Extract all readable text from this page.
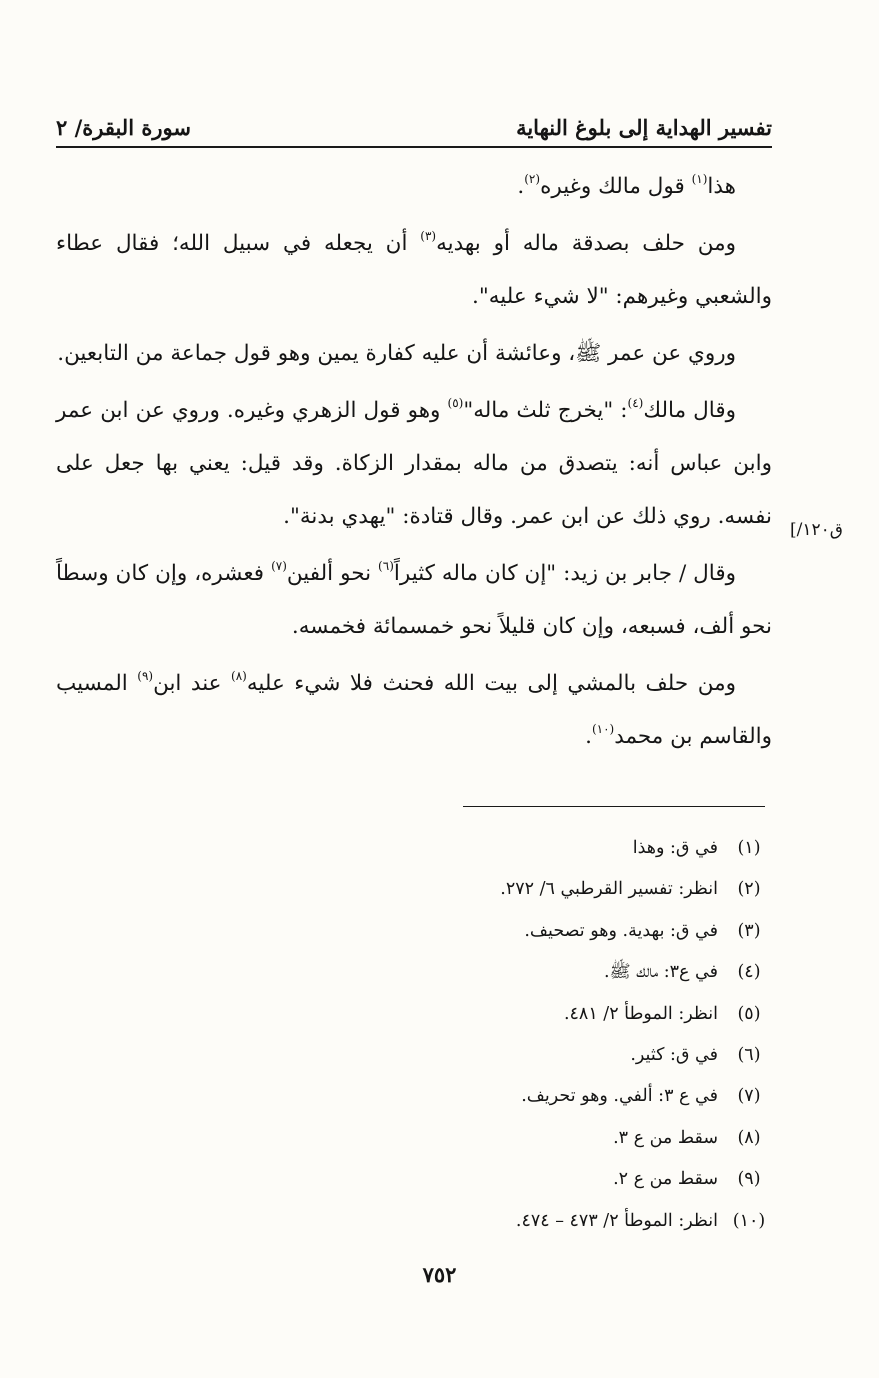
تفسير الهداية إلى بلوغ النهاية
سورة البقرة/ ٢

هذا$^{(١)}$ قول مالك وغيره$^{(٢)}$.

ومن حلف بصدقة ماله أو بهديه$^{(٣)}$ أن يجعله في سبيل الله؛ فقال عطاء والشعبي وغيرهم: "لا شيء عليه".

وروي عن عمر ﷺ، وعائشة أن عليه كفارة يمين وهو قول جماعة من التابعين.

وقال مالك$^{(٤)}$: "يخرج ثلث ماله"$^{(٥)}$ وهو قول الزهري وغيره. وروي عن ابن عمر وابن عباس أنه: يتصدق من ماله بمقدار الزكاة. وقد قيل: يعني بها جعل على نفسه. روي ذلك عن ابن عمر. وقال قتادة: "يهدي بدنة".

وقال / جابر بن زيد: "إن كان ماله كثيراً$^{(٦)}$ نحو ألفين$^{(٧)}$ فعشره، وإن كان وسطاً نحو ألف، فسبعه، وإن كان قليلاً نحو خمسمائة فخمسه.

ومن حلف بالمشي إلى بيت الله فحنث فلا شيء عليه$^{(٨)}$ عند ابن$^{(٩)}$ المسيب والقاسم بن محمد$^{(١٠)}$.

ق١٢٠/]
(١)
في ق: وهذا
(٢)
انظر: تفسير القرطبي ٦/ ٢٧٢.
(٣)
في ق: بهدية. وهو تصحيف.
(٤)
في ع٣: مالك ﷺ.
(٥)
انظر: الموطأ ٢/ ٤٨١.
(٦)
في ق: كثير.
(٧)
في ع ٣: ألفي. وهو تحريف.
(٨)
سقط من ع ٣.
(٩)
سقط من ع ٢.
(١٠)
انظر: الموطأ ٢/ ٤٧٣ – ٤٧٤.
٧٥٢
